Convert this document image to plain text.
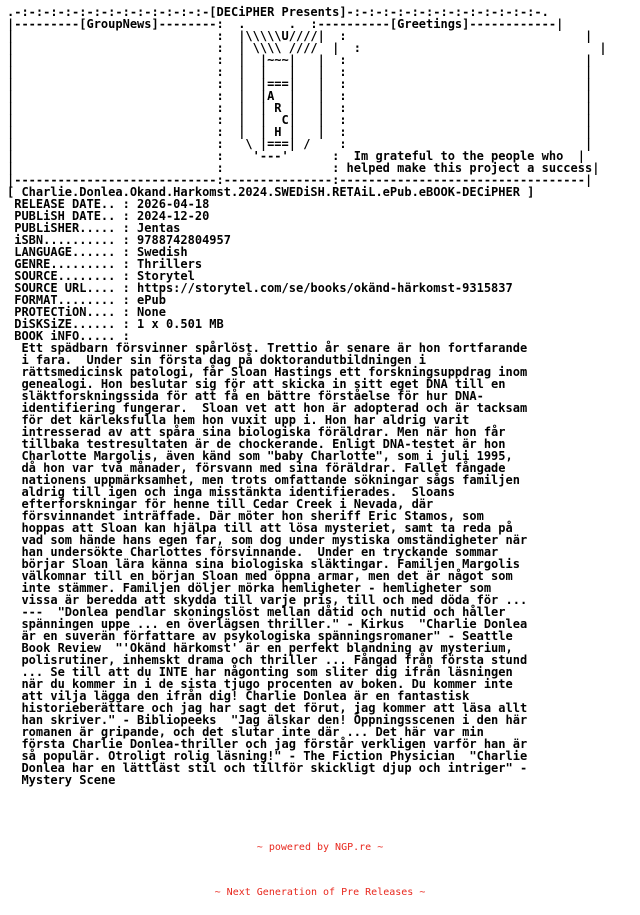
.-:-:-:-:-:-:-:-:-:-:-:-:-:-[DECiPHER Presents]-:-:-:-:-:-:-:-:-:-:-:-:-:-.
|---------[GroupNews]--------:  .      .  :----------[Greetings]------------|
|                            :  |\\\\\U////|  :                                 |
|                            :  | \\\\ ////  |  :                                 |
|                            :  |  |~~~|   |  :                                 |
|                            :  |  |   |   |  :                                 |
|                            :  |  |===|   |  :                                 |
|                            :  |  |A  |   |  :                                 |
|                            :  |  | R |   |  :                                 |
|                            :  |  |  C|   |  :                                 |
|                            :  |  | H |   |  :                                 |
|                            :   \ |===| /    :                                 |
|                            :    '---'      :  Im grateful to the people who  |
|                            :               : helped make this project a success|
|----------------------------:---------------:----------------------------------|
[ Charlie.Donlea.Okand.Harkomst.2024.SWEDiSH.RETAiL.ePub.eBOOK-DECiPHER ]
RELEASE DATE.. : 2026-04-18
PUBLiSH DATE.. : 2024-12-20
PUBLiSHER..... : Jentas
iSBN.......... : 9788742804957
LANGUAGE...... : Swedish
GENRE......... : Thrillers
SOURCE........ : Storytel
SOURCE URL.... : https://storytel.com/se/books/okänd-härkomst-9315837
FORMAT........ : ePub
PROTECTiON.... : None
DiSKSiZE...... : 1 x 0.501 MB
BOOK iNFO..... :
Ett spädbarn försvinner spårlöst. Trettio år senare är hon fortfarande
i fara.  Under sin första dag på doktorandutbildningen i
rättsmedicinsk patologi, får Sloan Hastings ett forskningsuppdrag inom
genealogi. Hon beslutar sig för att skicka in sitt eget DNA till en
släktforskningssida för att få en bättre förståelse för hur DNA-
identifiering fungerar.  Sloan vet att hon är adopterad och är tacksam
för det kärleksfulla hem hon vuxit upp i. Hon har aldrig varit
intresserad av att spåra sina biologiska föräldrar. Men när hon får
tillbaka testresultaten är de chockerande. Enligt DNA-testet är hon
Charlotte Margolis, även känd som "baby Charlotte", som i juli 1995,
då hon var två månader, försvann med sina föräldrar. Fallet fångade
nationens uppmärksamhet, men trots omfattande sökningar sågs familjen
aldrig till igen och inga misstänkta identifierades.  Sloans
efterforskningar för henne till Cedar Creek i Nevada, där
försvinnandet inträffade. Där möter hon sheriff Eric Stamos, som
hoppas att Sloan kan hjälpa till att lösa mysteriet, samt ta reda på
vad som hände hans egen far, som dog under mystiska omständigheter när
han undersökte Charlottes försvinnande.  Under en tryckande sommar
börjar Sloan lära känna sina biologiska släktingar. Familjen Margolis
välkomnar till en början Sloan med öppna armar, men det är något som
inte stämmer. Familjen döljer mörka hemligheter - hemligheter som
vissa är beredda att skydda till varje pris, till och med döda för ...
---  "Donlea pendlar skoningslöst mellan dåtid och nutid och håller
spänningen uppe ... en överlägsen thriller." - Kirkus  "Charlie Donlea
är en suverän författare av psykologiska spänningsromaner" - Seattle
Book Review  "'Okänd härkomst' är en perfekt blandning av mysterium,
polisrutiner, inhemskt drama och thriller ... Fångad från första stund
... Se till att du INTE har någonting som sliter dig ifrån läsningen
när du kommer in i de sista tjugo procenten av boken. Du kommer inte
att vilja lägga den ifrån dig! Charlie Donlea är en fantastisk
historieberättare och jag har sagt det förut, jag kommer att läsa allt
han skriver." - Bibliopeeks  "Jag älskar den! Öppningsscenen i den här
romanen är gripande, och det slutar inte där ... Det här var min
första Charlie Donlea-thriller och jag förstår verkligen varför han är
så populär. Otroligt rolig läsning!" - The Fiction Physician  "Charlie
Donlea har en lättläst stil och tillför skickligt djup och intriger" -
Mystery Scene

~ powered by NGP.re ~

~ Next Generation of Pre Releases ~
